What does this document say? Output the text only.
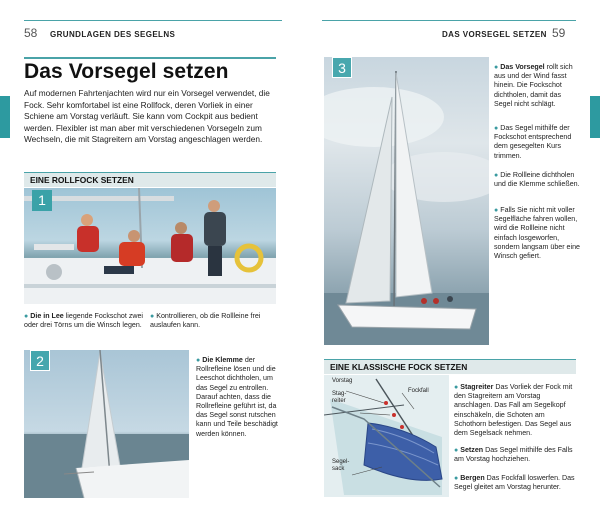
58 GRUNDLAGEN DES SEGELNS	DAS VORSEGEL SETZEN 59
Das Vorsegel setzen
Auf modernen Fahrtenjachten wird nur ein Vorsegel verwendet, die Fock. Sehr komfortabel ist eine Rollfock, deren Vorliek in einer Schiene am Vorstag verläuft. Sie kann vom Cockpit aus bedient werden. Flexibler ist man aber mit verschiedenen Vorsegeln zum Wechseln, die mit Stagreitern am Vorstag angeschlagen werden.
EINE ROLLFOCK SETZEN
1
● Die in Lee liegende Fockschot zwei oder drei Törns um die Winsch legen.
● Kontrollieren, ob die Rollleine frei auslaufen kann.
2	● Die Klemme der Rollrefleine lösen und die Leeschot dichtholen, um das Segel zu entrollen. Darauf achten, dass die Rollrefleine geführt ist, da das Segel sonst rutschen kann und Teile beschädigt werden können.
3	● Das Vorsegel rollt sich aus und der Wind fasst hinein. Die Fockschot dichtholen, damit das Segel nicht schlägt.
● Das Segel mithilfe der Fockschot entsprechend dem gesegelten Kurs trimmen.
● Die Rollleine dichtholen und die Klemme schließen.
● Falls Sie nicht mit voller Segelfläche fahren wollen, wird die Rollleine nicht einfach losgeworfen, sondern langsam über eine Winsch gefiert.
EINE KLASSISCHE FOCK SETZEN
Vorstag
Stag-
reiter
Fockfall
Segel-
sack
● Stagreiter Das Vorliek der Fock mit den Stagreitern am Vorstag anschlagen. Das Fall am Segelkopf einschäkeln, die Schoten am Schothorn befestigen. Das Segel aus dem Segelsack nehmen.
● Setzen Das Segel mithilfe des Falls am Vorstag hochziehen.
● Bergen Das Fockfall loswerfen. Das Segel gleitet am Vorstag herunter.
